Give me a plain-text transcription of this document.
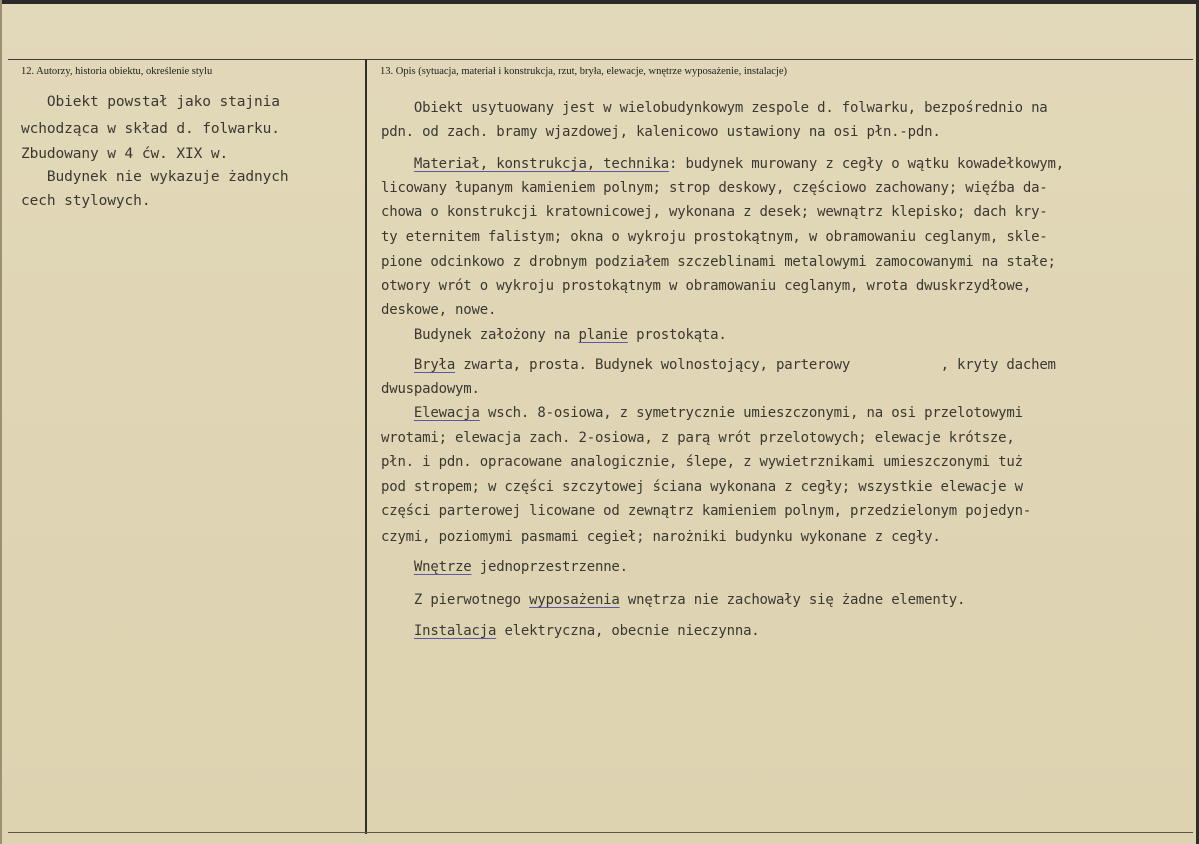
12. Autorzy, historia obiektu, określenie stylu	13. Opis (sytuacja, materiał i konstrukcja, rzut, bryła, elewacje, wnętrze wyposażenie, instalacje)
Obiekt powstał jako stajnia
wchodząca w skład d. folwarku.
Zbudowany w 4 ćw. XIX w.
Budynek nie wykazuje żadnych
cech stylowych.
Obiekt usytuowany jest w wielobudynkowym zespole d. folwarku, bezpośrednio na
pdn. od zach. bramy wjazdowej, kalenicowo ustawiony na osi płn.-pdn.
Materiał, konstrukcja, technika: budynek murowany z cegły o wątku kowadełkowym,
licowany łupanym kamieniem polnym; strop deskowy, częściowo zachowany; więźba da-
chowa o konstrukcji kratownicowej, wykonana z desek; wewnątrz klepisko; dach kry-
ty eternitem falistym; okna o wykroju prostokątnym, w obramowaniu ceglanym, skle-
pione odcinkowo z drobnym podziałem szczeblinami metalowymi zamocowanymi na stałe;
otwory wrót o wykroju prostokątnym w obramowaniu ceglanym, wrota dwuskrzydłowe,
deskowe, nowe.
Budynek założony na planie prostokąta.
Bryła zwarta, prosta. Budynek wolnostojący, parterowy           , kryty dachem
dwuspadowym.
Elewacja wsch. 8-osiowa, z symetrycznie umieszczonymi, na osi przelotowymi
wrotami; elewacja zach. 2-osiowa, z parą wrót przelotowych; elewacje krótsze,
płn. i pdn. opracowane analogicznie, ślepe, z wywietrznikami umieszczonymi tuż
pod stropem; w części szczytowej ściana wykonana z cegły; wszystkie elewacje w
części parterowej licowane od zewnątrz kamieniem polnym, przedzielonym pojedyn-
czymi, poziomymi pasmami cegieł; narożniki budynku wykonane z cegły.
Wnętrze jednoprzestrzenne.
Z pierwotnego wyposażenia wnętrza nie zachowały się żadne elementy.
Instalacja elektryczna, obecnie nieczynna.
